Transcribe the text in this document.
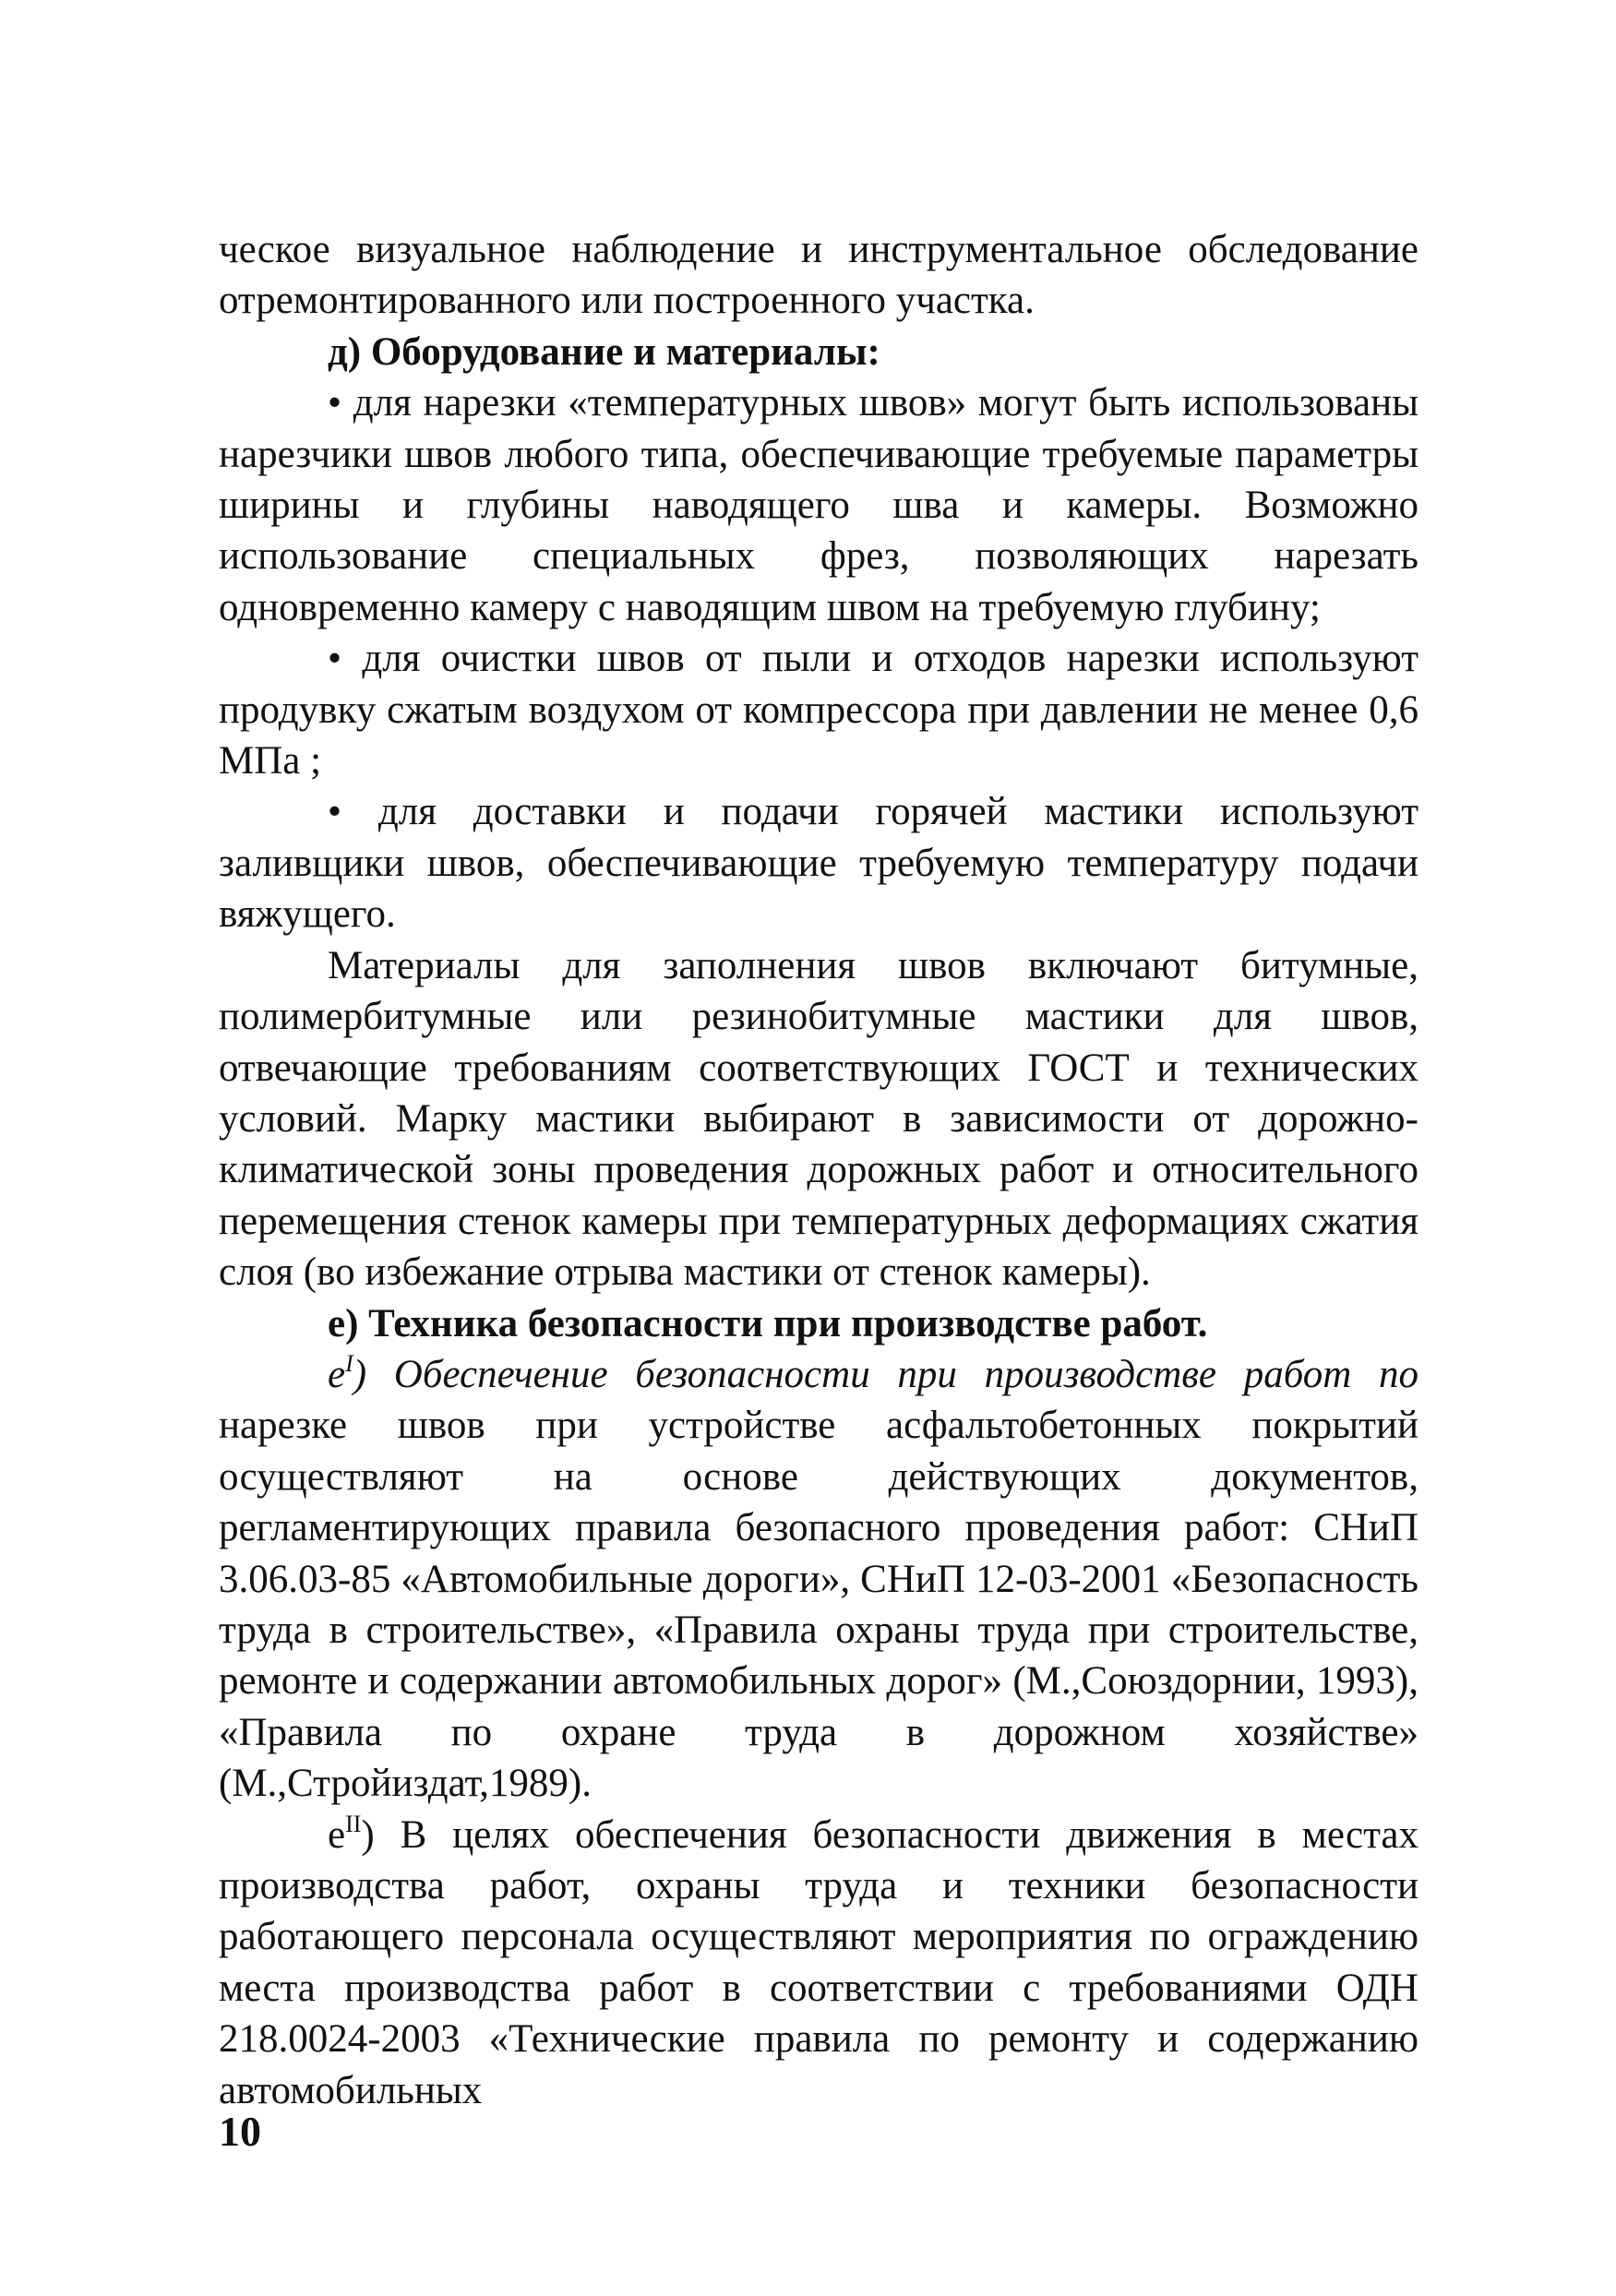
ческое визуальное наблюдение и инструментальное обследование отремонтированного или построенного участка.

д) Оборудование и материалы:

• для нарезки «температурных швов» могут быть использованы нарезчики швов любого типа, обеспечивающие требуемые параметры ширины и глубины наводящего шва и камеры. Возможно использование специальных фрез, позволяющих нарезать одновременно камеру с наводящим швом на требуемую глубину;

• для очистки швов от пыли и отходов нарезки используют продувку сжатым воздухом от компрессора при давлении не менее 0,6 МПа ;

• для доставки и подачи горячей мастики используют заливщики швов, обеспечивающие требуемую температуру подачи вяжущего.

Материалы для заполнения швов включают битумные, полимербитумные или резинобитумные мастики для швов, отвечающие требованиям соответствующих ГОСТ и технических условий. Марку мастики выбирают в зависимости от дорожно-климатической зоны проведения дорожных работ и относительного перемещения стенок камеры при температурных деформациях сжатия слоя (во избежание отрыва мастики от стенок камеры).

е) Техника безопасности при производстве работ.

$е^I$) Обеспечение безопасности при производстве работ по нарезке швов при устройстве асфальтобетонных покрытий осуществляют на основе действующих документов, регламентирующих правила безопасного проведения работ: СНиП 3.06.03-85 «Автомобильные дороги», СНиП 12-03-2001 «Безопасность труда в строительстве», «Правила охраны труда при строительстве, ремонте и содержании автомобильных дорог» (М.,Союздорнии, 1993), «Правила по охране труда в дорожном хозяйстве» (М.,Стройиздат,1989).

$е^{II}$) В целях обеспечения безопасности движения в местах производства работ, охраны труда и техники безопасности работающего персонала осуществляют мероприятия по ограждению места производства работ в соответствии с требованиями ОДН 218.0024-2003 «Технические правила по ремонту и содержанию автомобильных

10
